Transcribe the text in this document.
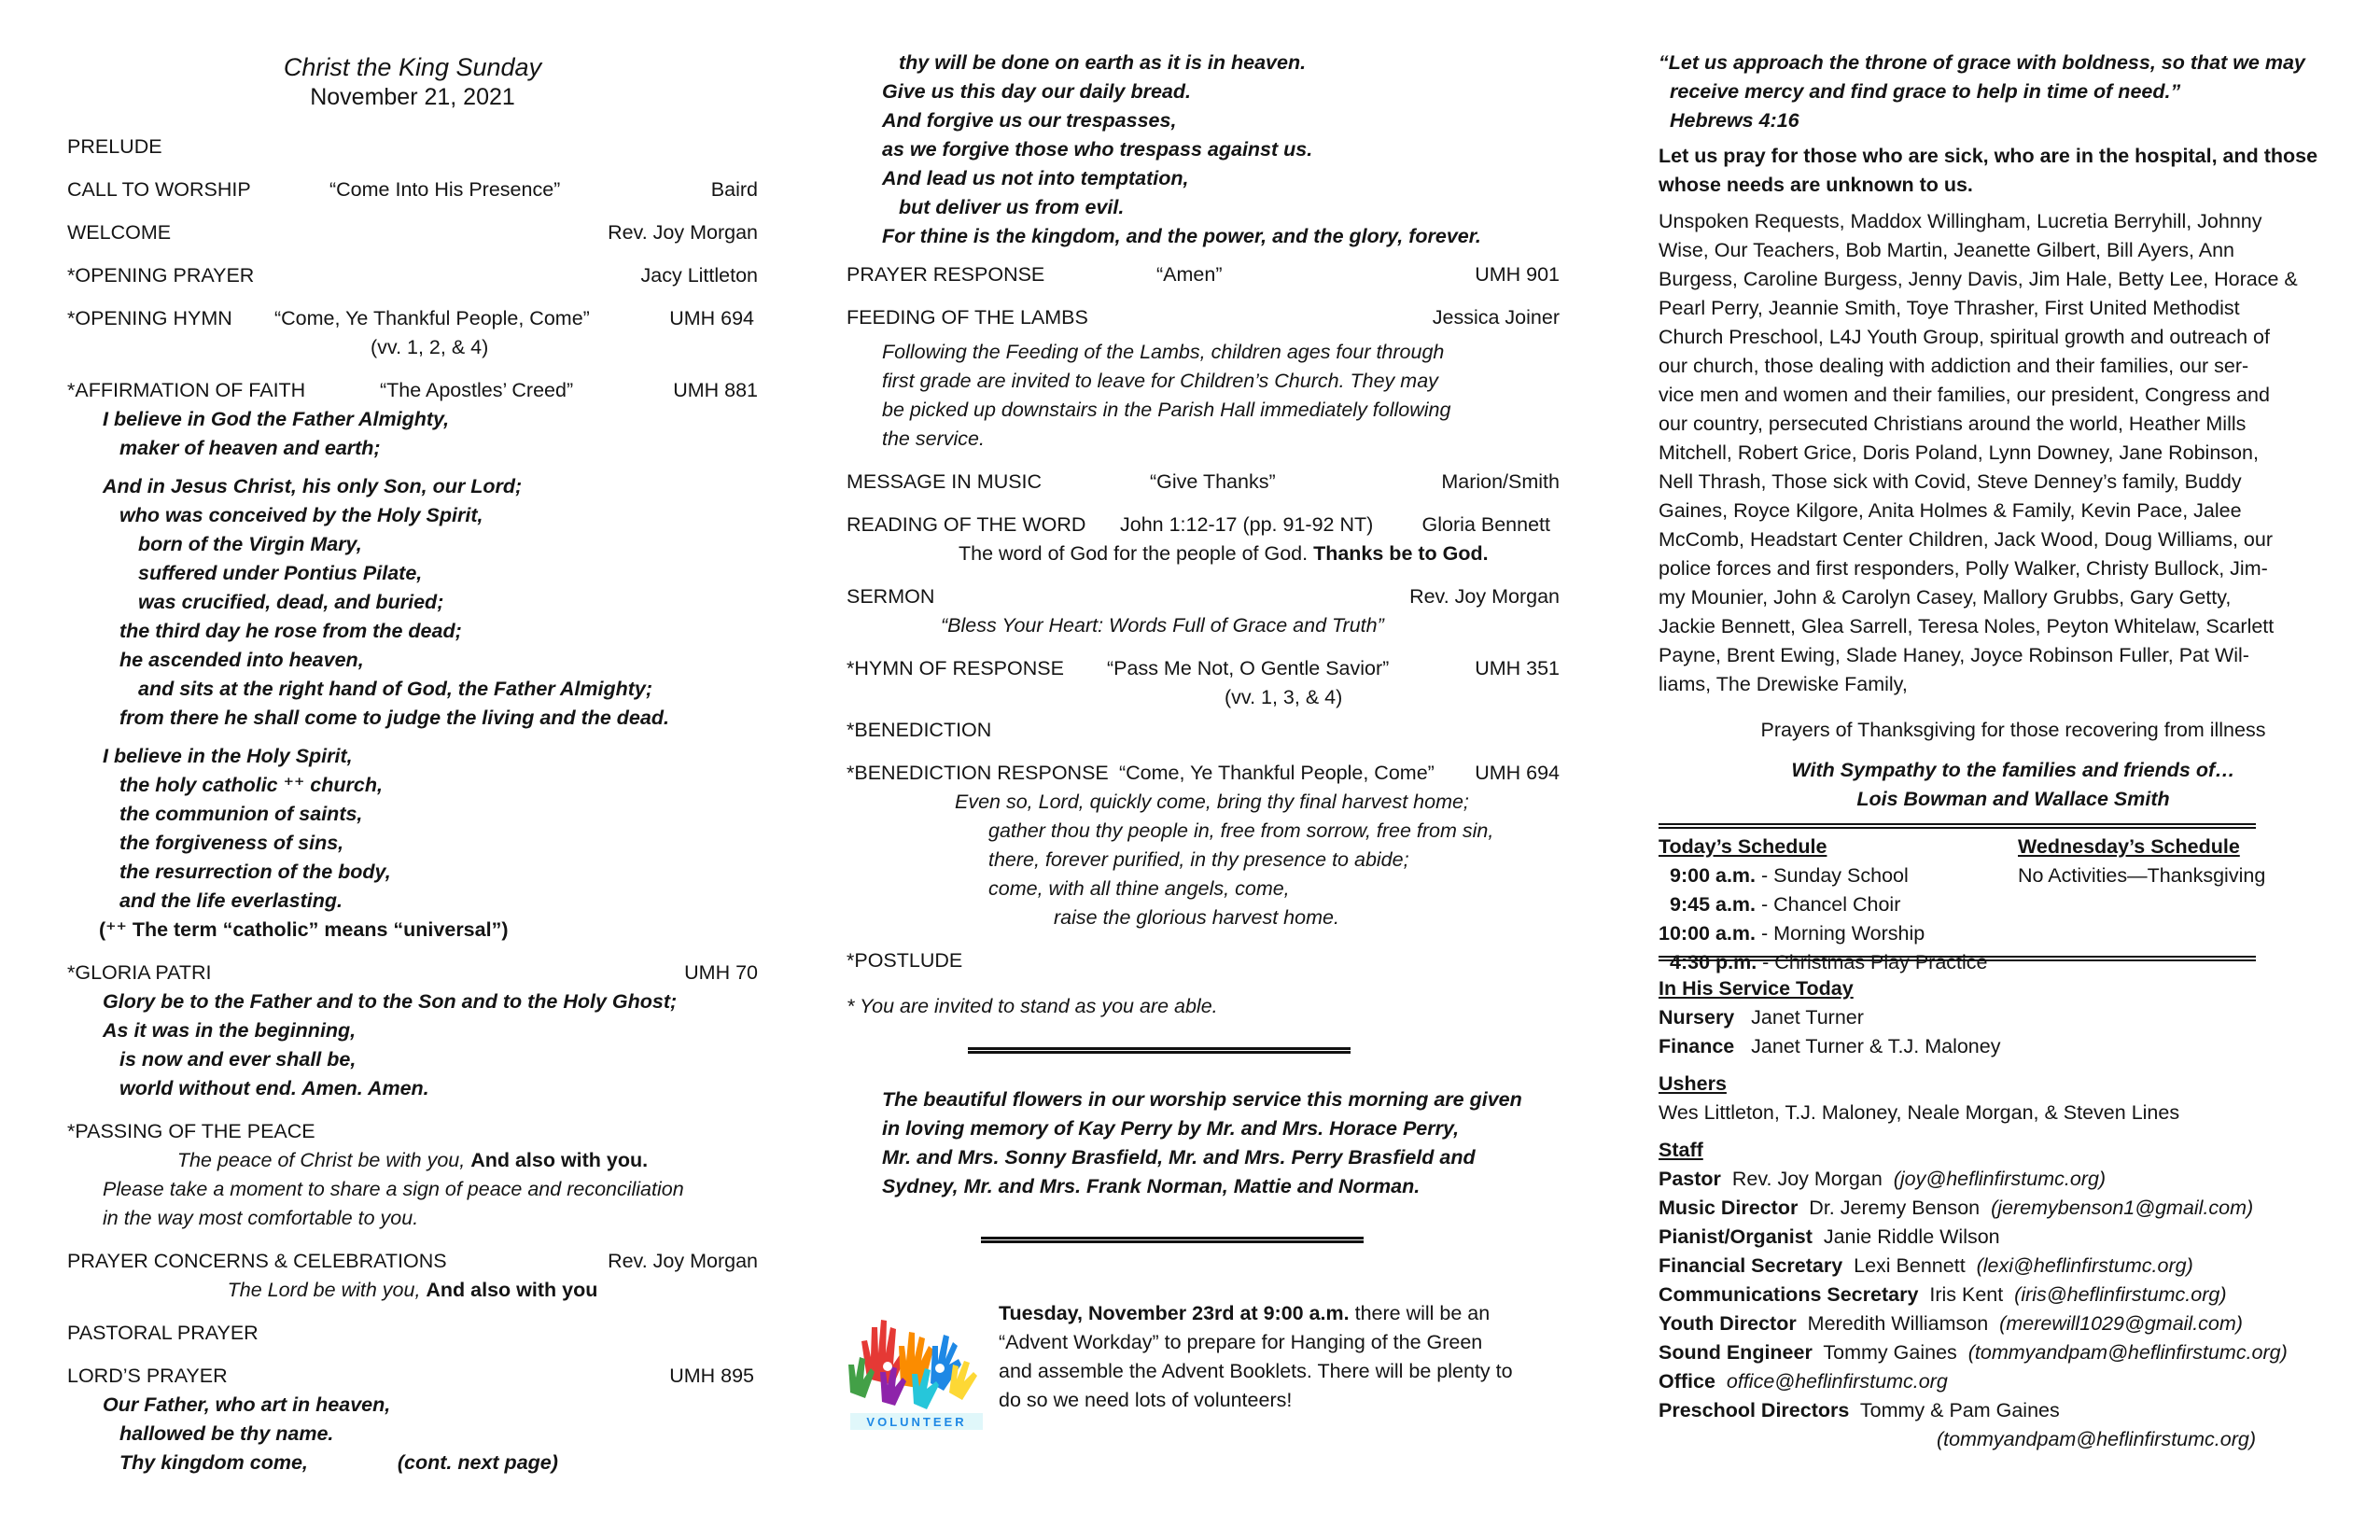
Christ the King Sunday
November 21, 2021
PRELUDE
CALL TO WORSHIP	“Come Into His Presence”	Baird
WELCOME	Rev. Joy Morgan
*OPENING PRAYER	Jacy Littleton
*OPENING HYMN “Come, Ye Thankful People, Come”	UMH 694
(vv. 1, 2, & 4)
*AFFIRMATION OF FAITH	“The Apostles’ Creed”	UMH 881
I believe in God the Father Almighty,
maker of heaven and earth;
And in Jesus Christ, his only Son, our Lord;
who was conceived by the Holy Spirit,
born of the Virgin Mary,
suffered under Pontius Pilate,
was crucified, dead, and buried;
the third day he rose from the dead;
he ascended into heaven,
and sits at the right hand of God, the Father Almighty;
from there he shall come to judge the living and the dead.
I believe in the Holy Spirit,
the holy catholic ⁺⁺ church,
the communion of saints,
the forgiveness of sins,
the resurrection of the body,
and the life everlasting.
(⁺⁺ The term “catholic” means “universal”)
*GLORIA PATRI	UMH 70
Glory be to the Father and to the Son and to the Holy Ghost;
As it was in the beginning,
is now and ever shall be,
world without end. Amen. Amen.
*PASSING OF THE PEACE
The peace of Christ be with you, And also with you.
Please take a moment to share a sign of peace and reconciliation
in the way most comfortable to you.
PRAYER CONCERNS & CELEBRATIONS	Rev. Joy Morgan
The Lord be with you, And also with you
PASTORAL PRAYER
LORD’S PRAYER	UMH 895
Our Father, who art in heaven,
hallowed be thy name.
Thy kingdom come,	(cont. next page)
thy will be done on earth as it is in heaven.
Give us this day our daily bread.
And forgive us our trespasses,
as we forgive those who trespass against us.
And lead us not into temptation,
but deliver us from evil.
For thine is the kingdom, and the power, and the glory, forever.
PRAYER RESPONSE	“Amen”	UMH 901
FEEDING OF THE LAMBS	Jessica Joiner
Following the Feeding of the Lambs, children ages four through
first grade are invited to leave for Children’s Church. They may
be picked up downstairs in the Parish Hall immediately following
the service.
MESSAGE IN MUSIC	“Give Thanks”	Marion/Smith
READING OF THE WORD John 1:12-17 (pp. 91-92 NT) Gloria Bennett
The word of God for the people of God. Thanks be to God.
SERMON	Rev. Joy Morgan
“Bless Your Heart: Words Full of Grace and Truth”
*HYMN OF RESPONSE “Pass Me Not, O Gentle Savior”	UMH 351
(vv. 1, 3, & 4)
*BENEDICTION
*BENEDICTION RESPONSE “Come, Ye Thankful People, Come” UMH 694
Even so, Lord, quickly come, bring thy final harvest home;
gather thou thy people in, free from sorrow, free from sin,
there, forever purified, in thy presence to abide;
come, with all thine angels, come,
raise the glorious harvest home.
*POSTLUDE
* You are invited to stand as you are able.
The beautiful flowers in our worship service this morning are given
in loving memory of Kay Perry by Mr. and Mrs. Horace Perry,
Mr. and Mrs. Sonny Brasfield, Mr. and Mrs. Perry Brasfield and
Sydney, Mr. and Mrs. Frank Norman, Mattie and Norman.
VOLUNTEER
Tuesday, November 23rd at 9:00 a.m. there will be an
“Advent Workday” to prepare for Hanging of the Green
and assemble the Advent Booklets. There will be plenty to
do so we need lots of volunteers!
“Let us approach the throne of grace with boldness, so that we may
receive mercy and find grace to help in time of need.”
Hebrews 4:16
Let us pray for those who are sick, who are in the hospital, and those
whose needs are unknown to us.
Unspoken Requests, Maddox Willingham, Lucretia Berryhill, Johnny
Wise, Our Teachers, Bob Martin, Jeanette Gilbert, Bill Ayers, Ann
Burgess, Caroline Burgess, Jenny Davis, Jim Hale, Betty Lee, Horace &
Pearl Perry, Jeannie Smith, Toye Thrasher, First United Methodist
Church Preschool, L4J Youth Group, spiritual growth and outreach of
our church, those dealing with addiction and their families, our ser-
vice men and women and their families, our president, Congress and
our country, persecuted Christians around the world, Heather Mills
Mitchell, Robert Grice, Doris Poland, Lynn Downey, Jane Robinson,
Nell Thrash, Those sick with Covid, Steve Denney’s family, Buddy
Gaines, Royce Kilgore, Anita Holmes & Family, Kevin Pace, Jalee
McComb, Headstart Center Children, Jack Wood, Doug Williams, our
police forces and first responders, Polly Walker, Christy Bullock, Jim-
my Mounier, John & Carolyn Casey, Mallory Grubbs, Gary Getty,
Jackie Bennett, Glea Sarrell, Teresa Noles, Peyton Whitelaw, Scarlett
Payne, Brent Ewing, Slade Haney, Joyce Robinson Fuller, Pat Wil-
liams, The Drewiske Family,
Prayers of Thanksgiving for those recovering from illness
With Sympathy to the families and friends of…
Lois Bowman and Wallace Smith
Today’s Schedule
9:00 a.m. - Sunday School
9:45 a.m. - Chancel Choir
10:00 a.m. - Morning Worship
4:30 p.m. - Christmas Play Practice
Wednesday’s Schedule
No Activities—Thanksgiving
In His Service Today
Nursery   Janet Turner
Finance   Janet Turner & T.J. Maloney
Ushers
Wes Littleton, T.J. Maloney, Neale Morgan, & Steven Lines
Staff
Pastor  Rev. Joy Morgan  (joy@heflinfirstumc.org)
Music Director  Dr. Jeremy Benson  (jeremybenson1@gmail.com)
Pianist/Organist  Janie Riddle Wilson
Financial Secretary  Lexi Bennett  (lexi@heflinfirstumc.org)
Communications Secretary  Iris Kent  (iris@heflinfirstumc.org)
Youth Director  Meredith Williamson  (merewill1029@gmail.com)
Sound Engineer  Tommy Gaines  (tommyandpam@heflinfirstumc.org)
Office office@heflinfirstumc.org
Preschool Directors  Tommy & Pam Gaines
(tommyandpam@heflinfirstumc.org)
